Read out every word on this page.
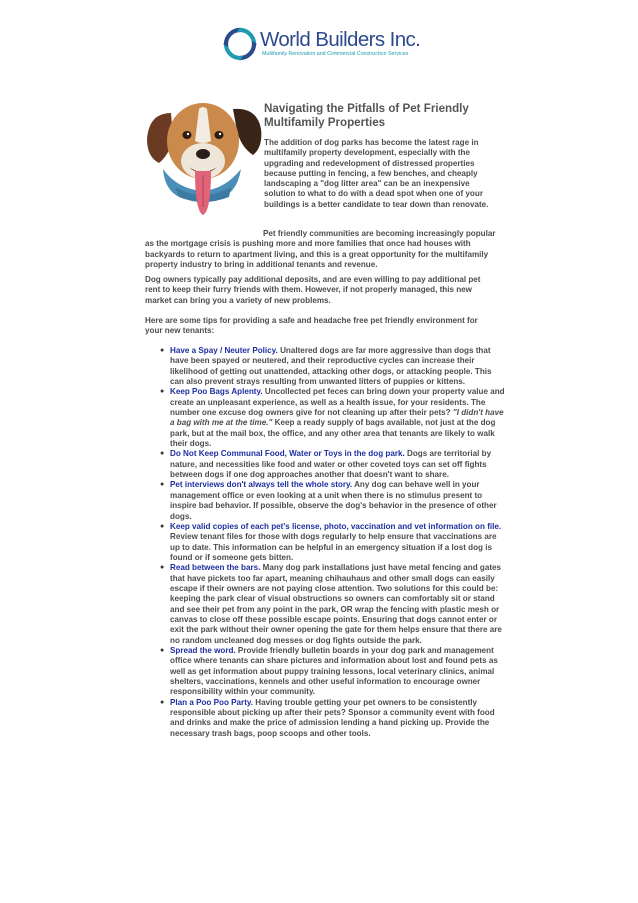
World Builders Inc.
Multifamily Renovation and Commercial Construction Services
Navigating the Pitfalls of Pet Friendly Multifamily Properties
The addition of dog parks has become the latest rage in multifamily property development, especially with the upgrading and redevelopment of distressed properties because putting in fencing, a few benches, and cheaply landscaping a "dog litter area" can be an inexpensive solution to what to do with a dead spot when one of your buildings is a better candidate to tear down than renovate.
Pet friendly communities are becoming increasingly popular as the mortgage crisis is pushing more and more families that once had houses with backyards to return to apartment living, and this is a great opportunity for the multifamily property industry to bring in additional tenants and revenue.
Dog owners typically pay additional deposits, and are even willing to pay additional pet rent to keep their furry friends with them. However, if not properly managed, this new market can bring you a variety of new problems.
Here are some tips for providing a safe and headache free pet friendly environment for your new tenants:
● Have a Spay / Neuter Policy. Unaltered dogs are far more aggressive than dogs that have been spayed or neutered, and their reproductive cycles can increase their likelihood of getting out unattended, attacking other dogs, or attacking people. This can also prevent strays resulting from unwanted litters of puppies or kittens.
● Keep Poo Bags Aplenty. Uncollected pet feces can bring down your property value and create an unpleasant experience, as well as a health issue, for your residents. The number one excuse dog owners give for not cleaning up after their pets? "I didn't have a bag with me at the time." Keep a ready supply of bags available, not just at the dog park, but at the mail box, the office, and any other area that tenants are likely to walk their dogs.
● Do Not Keep Communal Food, Water or Toys in the dog park. Dogs are territorial by nature, and necessities like food and water or other coveted toys can set off fights between dogs if one dog approaches another that doesn't want to share.
● Pet interviews don't always tell the whole story. Any dog can behave well in your management office or even looking at a unit when there is no stimulus present to inspire bad behavior. If possible, observe the dog's behavior in the presence of other dogs.
● Keep valid copies of each pet's license, photo, vaccination and vet information on file. Review tenant files for those with dogs regularly to help ensure that vaccinations are up to date. This information can be helpful in an emergency situation if a lost dog is found or if someone gets bitten.
● Read between the bars. Many dog park installations just have metal fencing and gates that have pickets too far apart, meaning chihauhaus and other small dogs can easily escape if their owners are not paying close attention. Two solutions for this could be: keeping the park clear of visual obstructions so owners can comfortably sit or stand and see their pet from any point in the park, OR wrap the fencing with plastic mesh or canvas to close off these possible escape points. Ensuring that dogs cannot enter or exit the park without their owner opening the gate for them helps ensure that there are no random uncleaned dog messes or dog fights outside the park.
● Spread the word. Provide friendly bulletin boards in your dog park and management office where tenants can share pictures and information about lost and found pets as well as get information about puppy training lessons, local veterinary clinics, animal shelters, vaccinations, kennels and other useful information to encourage owner responsibility within your community.
● Plan a Poo Poo Party. Having trouble getting your pet owners to be consistently responsible about picking up after their pets? Sponsor a community event with food and drinks and make the price of admission lending a hand picking up. Provide the necessary trash bags, poop scoops and other tools.
